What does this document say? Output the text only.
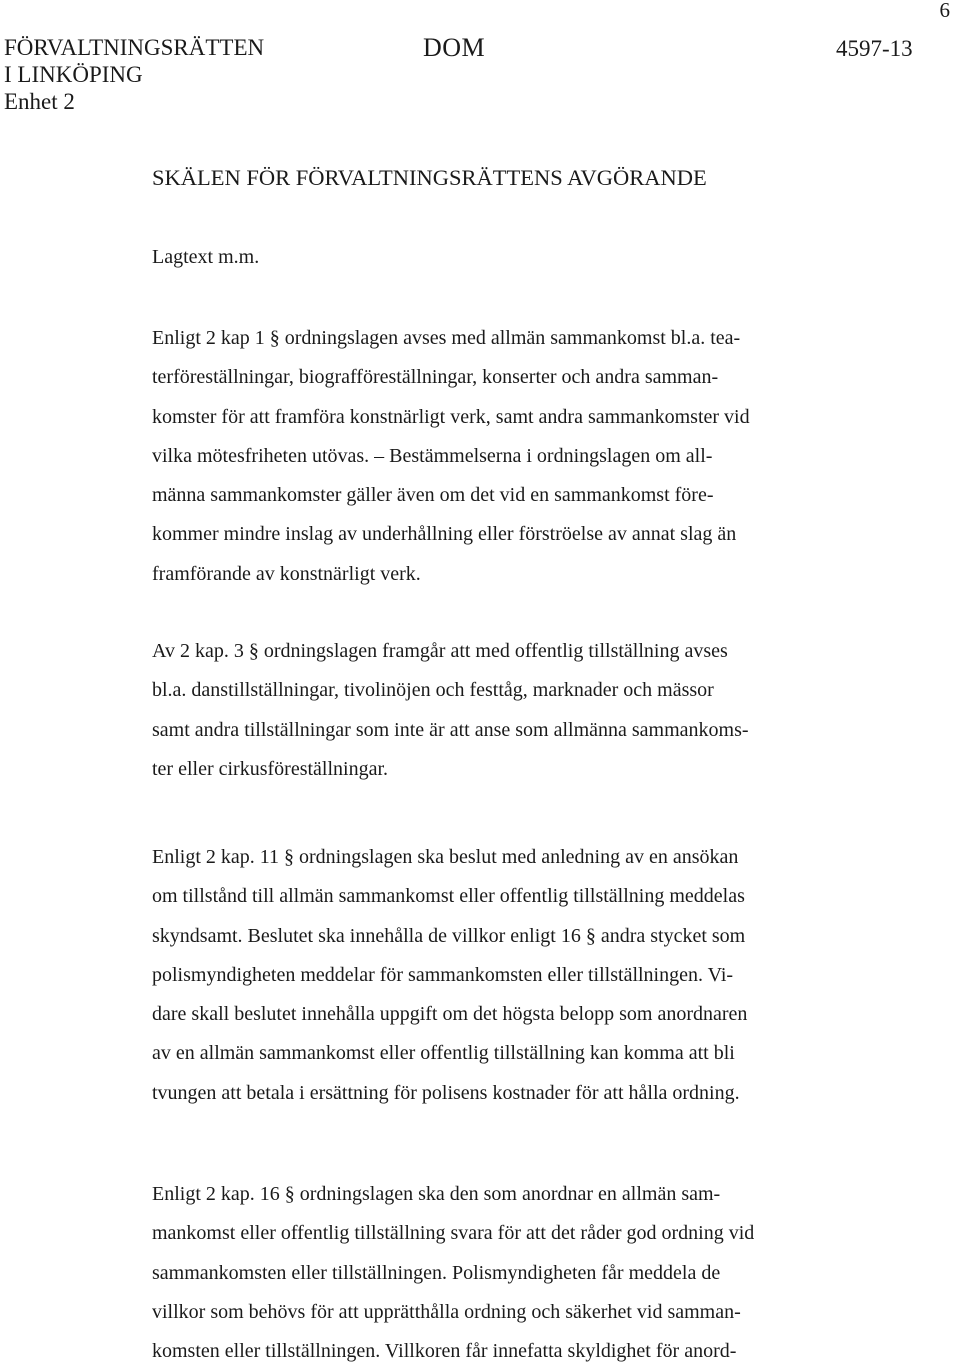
6
FÖRVALTNINGSRÄTTEN
I LINKÖPING
Enhet 2
DOM	4597-13
SKÄLEN FÖR FÖRVALTNINGSRÄTTENS AVGÖRANDE
Lagtext m.m.
Enligt 2 kap 1 § ordningslagen avses med allmän sammankomst bl.a. tea-
terföreställningar, biografföreställningar, konserter och andra samman-
komster för att framföra konstnärligt verk, samt andra sammankomster vid
vilka mötesfriheten utövas. – Bestämmelserna i ordningslagen om all-
männa sammankomster gäller även om det vid en sammankomst före-
kommer mindre inslag av underhållning eller förströelse av annat slag än
framförande av konstnärligt verk.
Av 2 kap. 3 § ordningslagen framgår att med offentlig tillställning avses
bl.a. danstillställningar, tivolinöjen och festtåg, marknader och mässor
samt andra tillställningar som inte är att anse som allmänna sammankoms-
ter eller cirkusföreställningar.
Enligt 2 kap. 11 § ordningslagen ska beslut med anledning av en ansökan
om tillstånd till allmän sammankomst eller offentlig tillställning meddelas
skyndsamt. Beslutet ska innehålla de villkor enligt 16 § andra stycket som
polismyndigheten meddelar för sammankomsten eller tillställningen. Vi-
dare skall beslutet innehålla uppgift om det högsta belopp som anordnaren
av en allmän sammankomst eller offentlig tillställning kan komma att bli
tvungen att betala i ersättning för polisens kostnader för att hålla ordning.
Enligt 2 kap. 16 § ordningslagen ska den som anordnar en allmän sam-
mankomst eller offentlig tillställning svara för att det råder god ordning vid
sammankomsten eller tillställningen. Polismyndigheten får meddela de
villkor som behövs för att upprätthålla ordning och säkerhet vid samman-
komsten eller tillställningen. Villkoren får innefatta skyldighet för anord-
